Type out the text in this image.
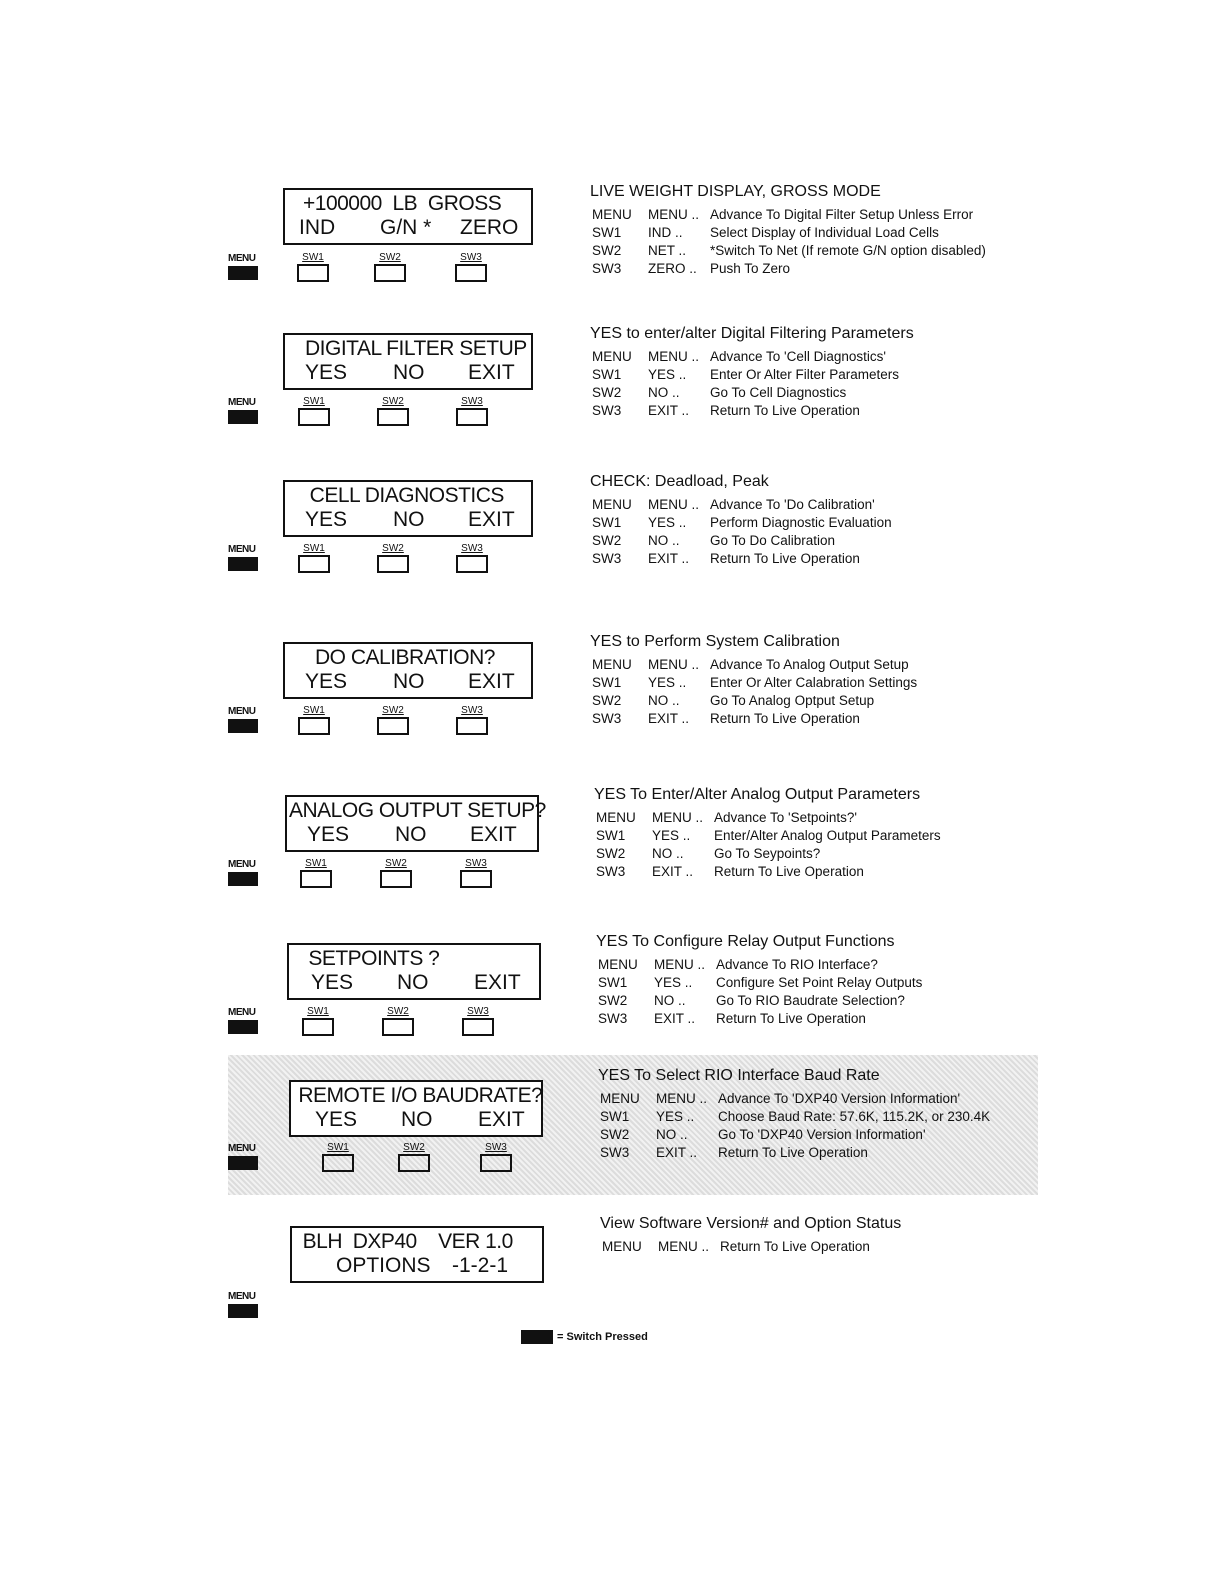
+100000  LB  GROSS
IND G/N * ZERO
MENU	SW1	SW2	SW3
LIVE WEIGHT DISPLAY, GROSS MODE
MENU	MENU ..	Advance To Digital Filter Setup Unless Error
SW1	IND ..	Select Display of Individual Load Cells
SW2	NET ..	*Switch To Net (If remote G/N option disabled)
SW3	ZERO ..	Push To Zero
DIGITAL FILTER SETUP
YES NO EXIT
MENU	SW1	SW2	SW3
YES to enter/alter Digital Filtering Parameters
MENU	MENU ..	Advance To 'Cell Diagnostics'
SW1	YES ..	Enter Or Alter Filter Parameters
SW2	NO ..	Go To Cell Diagnostics
SW3	EXIT ..	Return To Live Operation
CELL DIAGNOSTICS
YES NO EXIT
MENU	SW1	SW2	SW3
CHECK: Deadload, Peak
MENU	MENU ..	Advance To 'Do Calibration'
SW1	YES ..	Perform Diagnostic Evaluation
SW2	NO ..	Go To Do Calibration
SW3	EXIT ..	Return To Live Operation
DO CALIBRATION?
YES NO EXIT
MENU	SW1	SW2	SW3
YES to Perform System Calibration
MENU	MENU ..	Advance To Analog Output Setup
SW1	YES ..	Enter Or Alter Calabration Settings
SW2	NO ..	Go To Analog Optput Setup
SW3	EXIT ..	Return To Live Operation
ANALOG OUTPUT SETUP?
YES NO EXIT
MENU	SW1	SW2	SW3
YES To Enter/Alter Analog Output Parameters
MENU	MENU ..	Advance To 'Setpoints?'
SW1	YES ..	Enter/Alter Analog Output Parameters
SW2	NO ..	Go To Seypoints?
SW3	EXIT ..	Return To Live Operation
SETPOINTS ?
YES NO EXIT
MENU	SW1	SW2	SW3
YES To Configure Relay Output Functions
MENU	MENU ..	Advance To RIO Interface?
SW1	YES ..	Configure Set Point Relay Outputs
SW2	NO ..	Go To RIO Baudrate Selection?
SW3	EXIT ..	Return To Live Operation
REMOTE I/O BAUDRATE?
YES NO EXIT
MENU	SW1	SW2	SW3
YES To Select RIO Interface Baud Rate
MENU	MENU ..	Advance To 'DXP40 Version Information'
SW1	YES ..	Choose Baud Rate: 57.6K, 115.2K, or 230.4K
SW2	NO ..	Go To 'DXP40 Version Information'
SW3	EXIT ..	Return To Live Operation
BLH  DXP40    VER 1.0
OPTIONS -1-2-1
MENU
View Software Version# and Option Status
MENU	MENU ..	Return To Live Operation
= Switch Pressed
